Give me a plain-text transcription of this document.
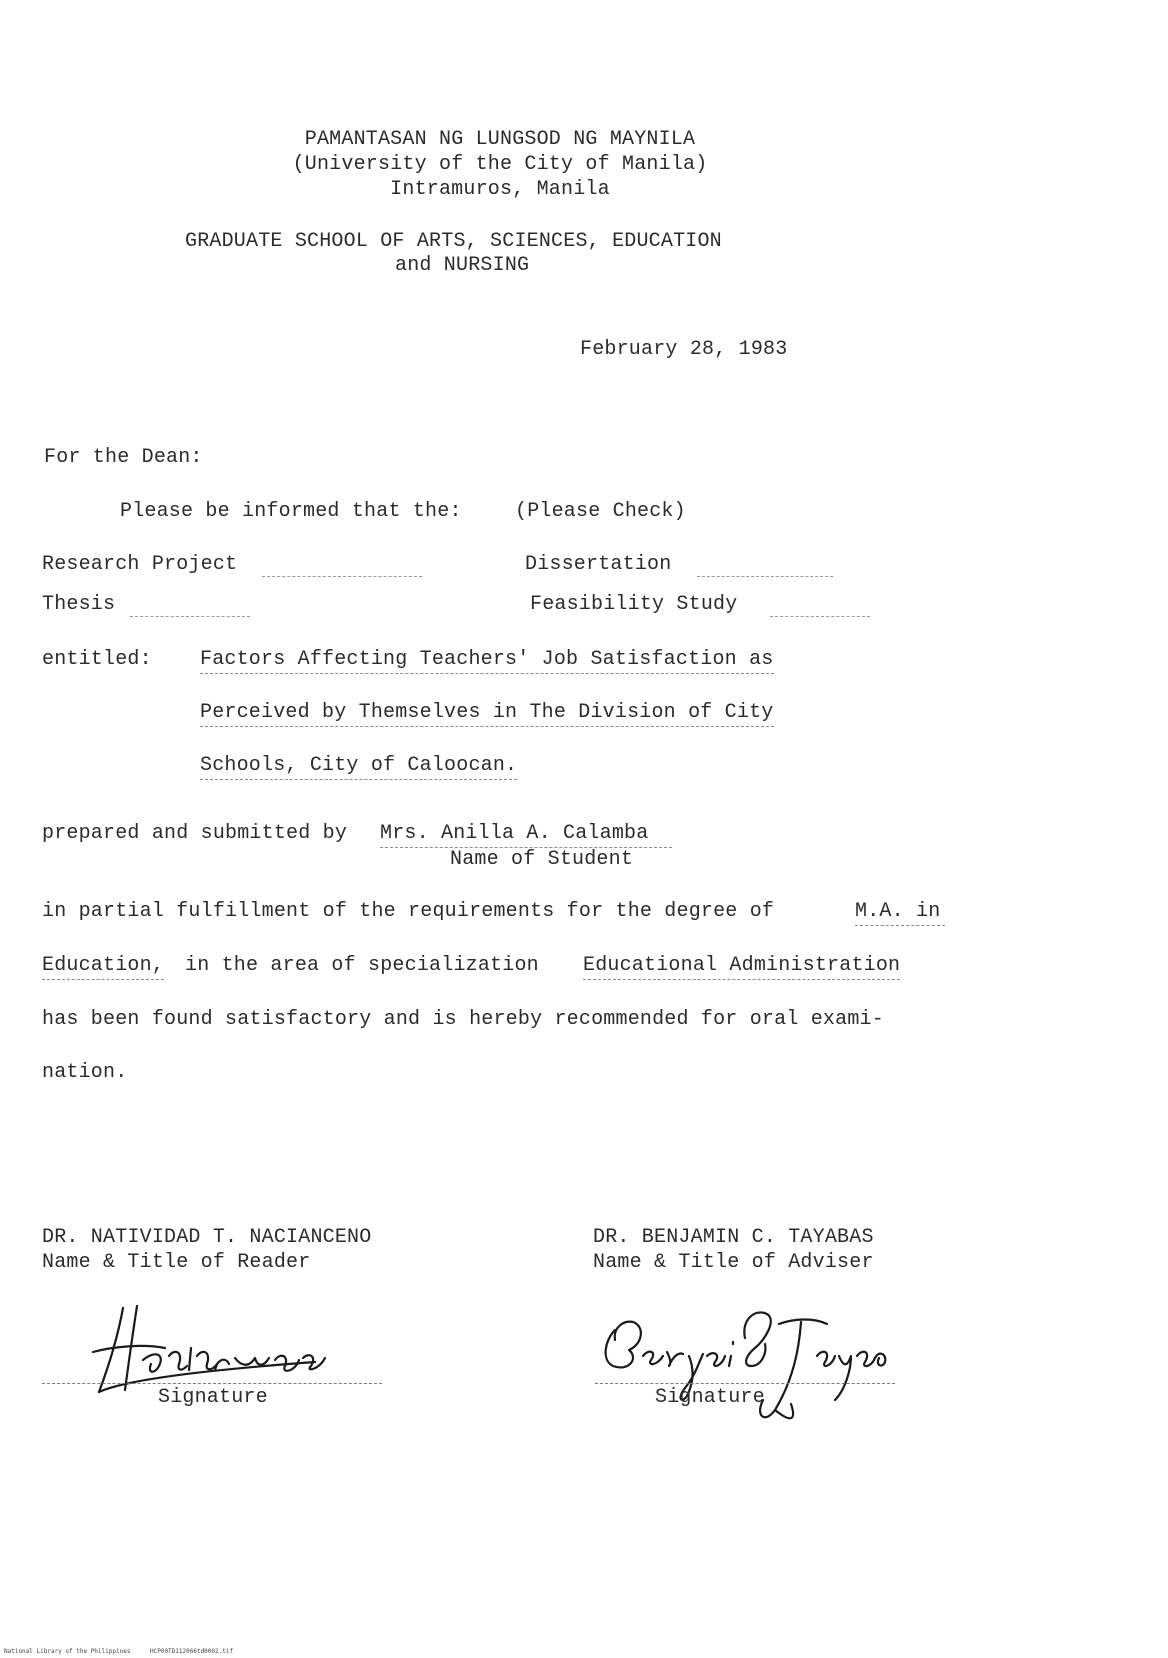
PAMANTASAN NG LUNGSOD NG MAYNILA
(University of the City of Manila)
Intramuros, Manila
GRADUATE SCHOOL OF ARTS, SCIENCES, EDUCATION
and NURSING
February 28, 1983
For the Dean:
Please be informed that the:	(Please Check)
Research Project	Dissertation
Thesis	Feasibility Study
entitled: Factors Affecting Teachers' Job Satisfaction as
Perceived by Themselves in The Division of City
Schools, City of Caloocan.
prepared and submitted by Mrs. Anilla A. Calamba
Name of Student
in partial fulfillment of the requirements for the degree of	M.A. in
Education, in the area of specialization Educational Administration
has been found satisfactory and is hereby recommended for oral exami-
nation.
DR. NATIVIDAD T. NACIANCENO
Name & Title of Reader
Signature
DR. BENJAMIN C. TAYABAS
Name & Title of Adviser
Signature
National Library of the Philippines	HCP00TD112066td0002.tif
